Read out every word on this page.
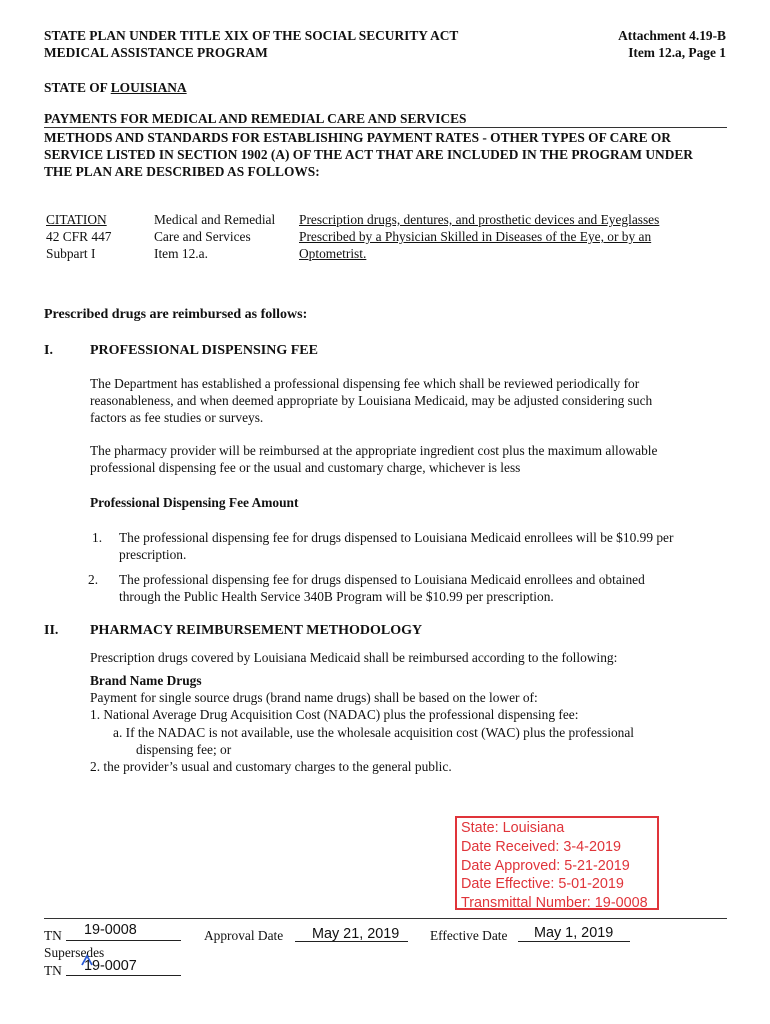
STATE PLAN UNDER TITLE XIX OF THE SOCIAL SECURITY ACT
MEDICAL ASSISTANCE PROGRAM
Attachment 4.19-B
Item 12.a, Page 1
STATE OF LOUISIANA
PAYMENTS FOR MEDICAL AND REMEDIAL CARE AND SERVICES
METHODS AND STANDARDS FOR ESTABLISHING PAYMENT RATES - OTHER TYPES OF CARE OR
SERVICE LISTED IN SECTION 1902 (A) OF THE ACT THAT ARE INCLUDED IN THE PROGRAM UNDER
THE PLAN ARE DESCRIBED AS FOLLOWS:
CITATION
42 CFR 447
Subpart I
Medical and Remedial
Care and Services
Item 12.a.
Prescription drugs, dentures, and prosthetic devices and Eyeglasses
Prescribed by a Physician Skilled in Diseases of the Eye, or by an
Optometrist.
Prescribed drugs are reimbursed as follows:
I.	PROFESSIONAL DISPENSING FEE
The Department has established a professional dispensing fee which shall be reviewed periodically for
reasonableness, and when deemed appropriate by Louisiana Medicaid, may be adjusted considering such
factors as fee studies or surveys.
The pharmacy provider will be reimbursed at the appropriate ingredient cost plus the maximum allowable
professional dispensing fee or the usual and customary charge, whichever is less
Professional Dispensing Fee Amount
1. The professional dispensing fee for drugs dispensed to Louisiana Medicaid enrollees will be $10.99 per
prescription.
2. The professional dispensing fee for drugs dispensed to Louisiana Medicaid enrollees and obtained
through the Public Health Service 340B Program will be $10.99 per prescription.
II. PHARMACY REIMBURSEMENT METHODOLOGY
Prescription drugs covered by Louisiana Medicaid shall be reimbursed according to the following:
Brand Name Drugs
Payment for single source drugs (brand name drugs) shall be based on the lower of:
1. National Average Drug Acquisition Cost (NADAC) plus the professional dispensing fee:
a. If the NADAC is not available, use the wholesale acquisition cost (WAC) plus the professional
dispensing fee; or
2. the provider’s usual and customary charges to the general public.
State: Louisiana
Date Received: 3-4-2019
Date Approved: 5-21-2019
Date Effective: 5-01-2019
Transmittal Number: 19-0008
TN 19-0008	Approval Date May 21, 2019 Effective Date May 1, 2019
Supersedes
TN 19-0007
